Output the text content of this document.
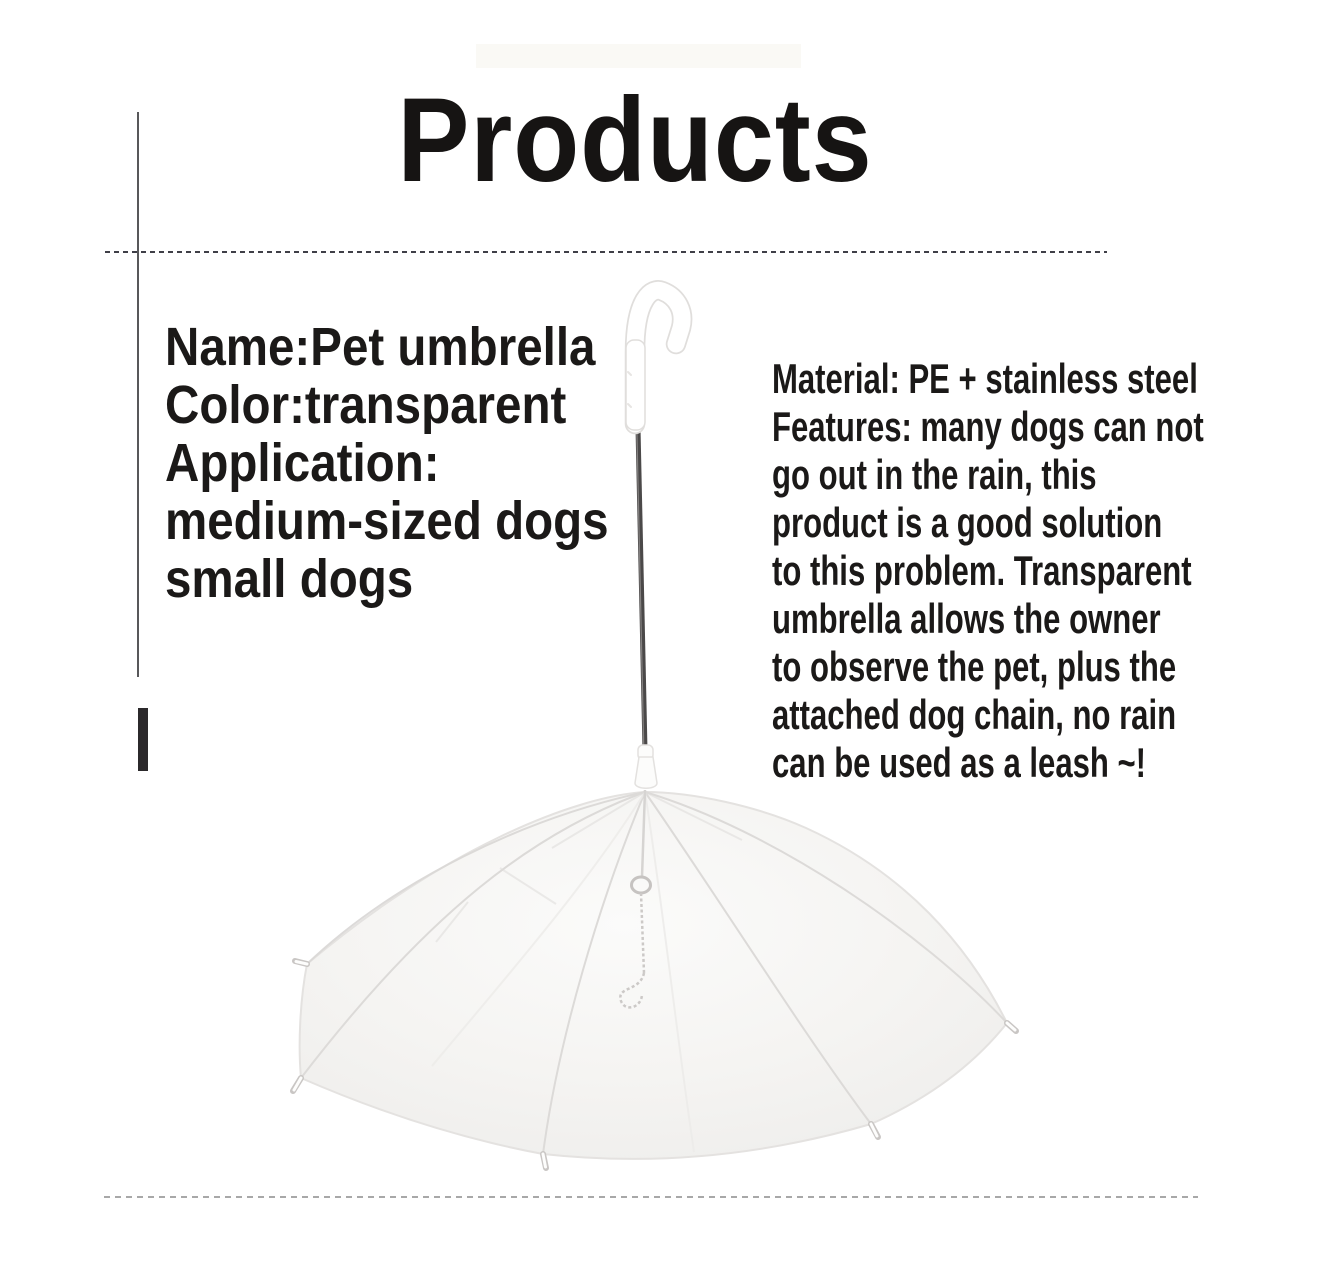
Products
Name:Pet umbrella
Color:transparent
Application:
medium-sized dogs
small dogs
Material: PE + stainless steel
Features: many dogs can not
go out in the rain, this
product is a good solution
to this problem. Transparent
umbrella allows the owner
to observe the pet, plus the
attached dog chain, no rain
can be used as a leash ~!
